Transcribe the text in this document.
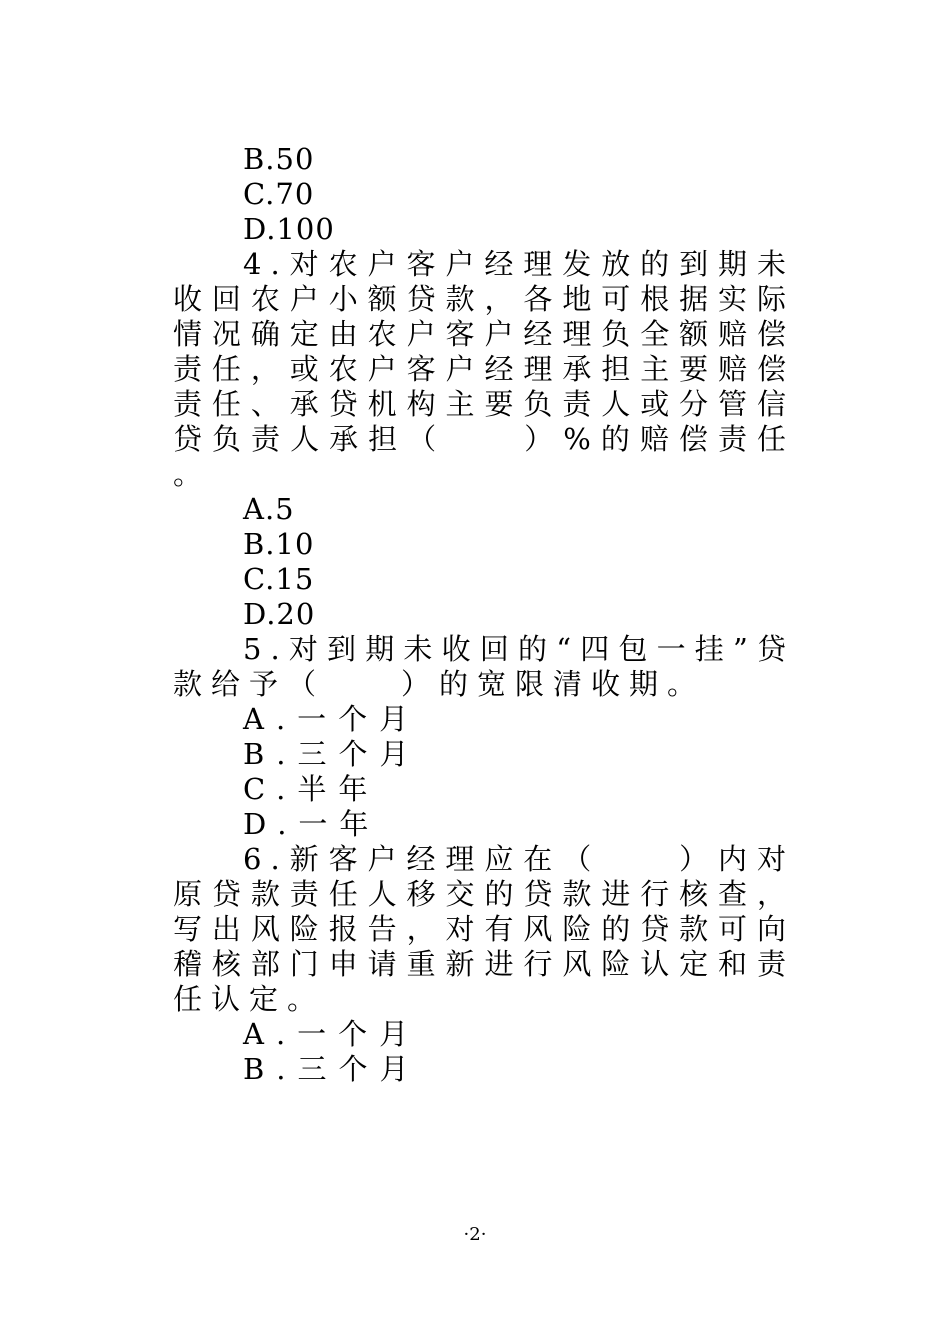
B.50
C.70
D.100
4.对农户客户经理发放的到期未收回农户小额贷款，各地可根据实际情况确定由农户客户经理负全额赔偿责任，或农户客户经理承担主要赔偿责任、承贷机构主要负责人或分管信贷负责人承担（　　）%的赔偿责任。
A.5
B.10
C.15
D.20
5.对到期未收回的“四包一挂”贷款给予（　　）的宽限清收期。
A.一个月
B.三个月
C.半年
D.一年
6.新客户经理应在（　　）内对原贷款责任人移交的贷款进行核查，写出风险报告，对有风险的贷款可向稽核部门申请重新进行风险认定和责任认定。
A.一个月
B.三个月
·2·
